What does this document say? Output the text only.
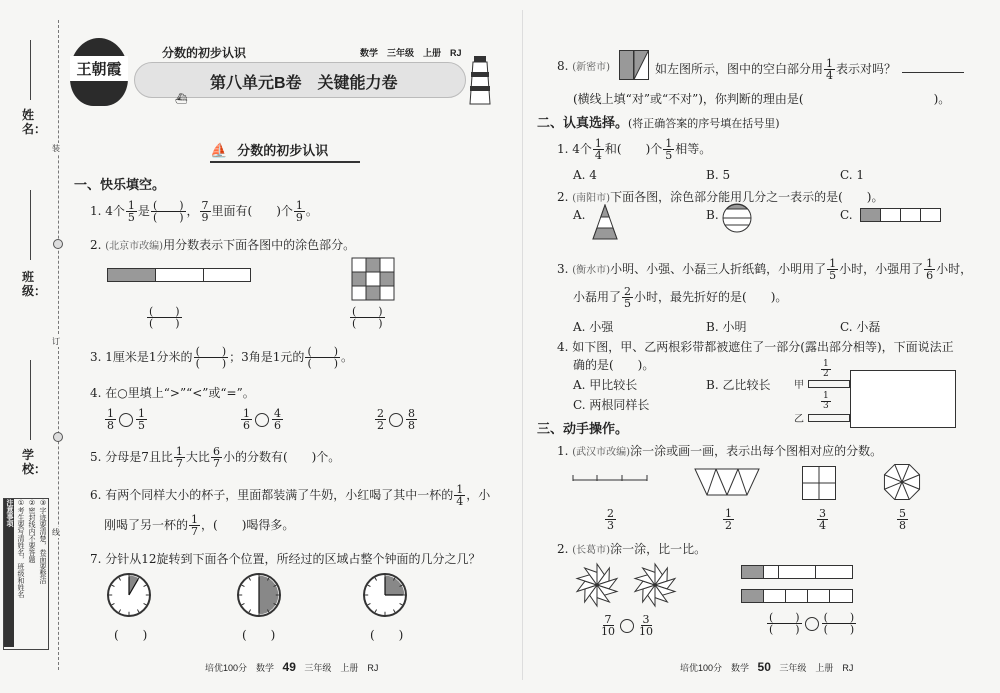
姓 名：
班 级：
学 校：
装
订
线
注意事项 ①考生要写清姓名，班级和姓名 ②密封线内不要答题 ③字迹要清楚，卷面要整洁
王朝霞
分数的初步认识	数学　三年级　上册　RJ
第八单元B卷　关键能力卷
⛴
⛵ 分数的初步认识
一、快乐填空。
1. 4个 $\frac{1}{5}$ 是 $\frac{( )}{( )}$ ， $\frac{7}{9}$ 里面有(　　)个 $\frac{1}{9}$ 。
2. (北京市改编)用分数表示下面各图中的涂色部分。
$\frac{( )}{( )}$	$\frac{( )}{( )}$
3. 1厘米是1分米的 $\frac{( )}{( )}$ ；3角是1元的 $\frac{( )}{( )}$ 。
4. 在○里填上“>”“<”或“=”。
$\frac{1}{8} \frac{1}{5}$	$\frac{1}{6} \frac{4}{6}$	$\frac{2}{2} \frac{8}{8}$
5. 分母是7且比 $\frac{1}{7}$ 大比 $\frac{6}{7}$ 小的分数有(　　)个。
6. 有两个同样大小的杯子，里面都装满了牛奶，小红喝了其中一杯的 $\frac{1}{4}$ ，小
刚喝了另一杯的 $\frac{1}{7}$ ，(　　)喝得多。
7. 分针从12旋转到下面各个位置，所经过的区域占整个钟面的几分之几？
(　　)	(　　)	(　　)
培优100分　数学 49 三年级　上册　RJ
8. (新密市)	如左图所示，图中的空白部分用 $\frac{1}{4}$ 表示对吗？
(横线上填“对”或“不对”)，你判断的理由是(	)。
二、认真选择。(将正确答案的序号填在括号里)
1. 4个 $\frac{1}{4}$ 和(　　)个 $\frac{1}{5}$ 相等。
A. 4	B. 5	C. 1
2. (南阳市)下面各图，涂色部分能用几分之一表示的是(　　)。
A.	B.	C.
3. (衡水市)小明、小强、小磊三人折纸鹤，小明用了 $\frac{1}{5}$ 小时，小强用了 $\frac{1}{6}$ 小时，
小磊用了 $\frac{2}{5}$ 小时，最先折好的是(　　)。
A. 小强	B. 小明	C. 小磊
4. 如下图，甲、乙两根彩带都被遮住了一部分(露出部分相等)，下面说法正
确的是(　　)。
A. 甲比较长	B. 乙比较长
C. 两根同样长
甲
乙
$\frac{1}{2}$
$\frac{1}{3}$
三、动手操作。
1. (武汉市改编)涂一涂或画一画，表示出每个图相对应的分数。
$\frac{2}{3}$	$\frac{1}{2}$	$\frac{3}{4}$	$\frac{5}{8}$
2. (长葛市)涂一涂，比一比。
$\frac{7}{10} \frac{3}{10}$	$\frac{( )}{( )} \frac{( )}{( )}$
培优100分　数学 50 三年级　上册　RJ
